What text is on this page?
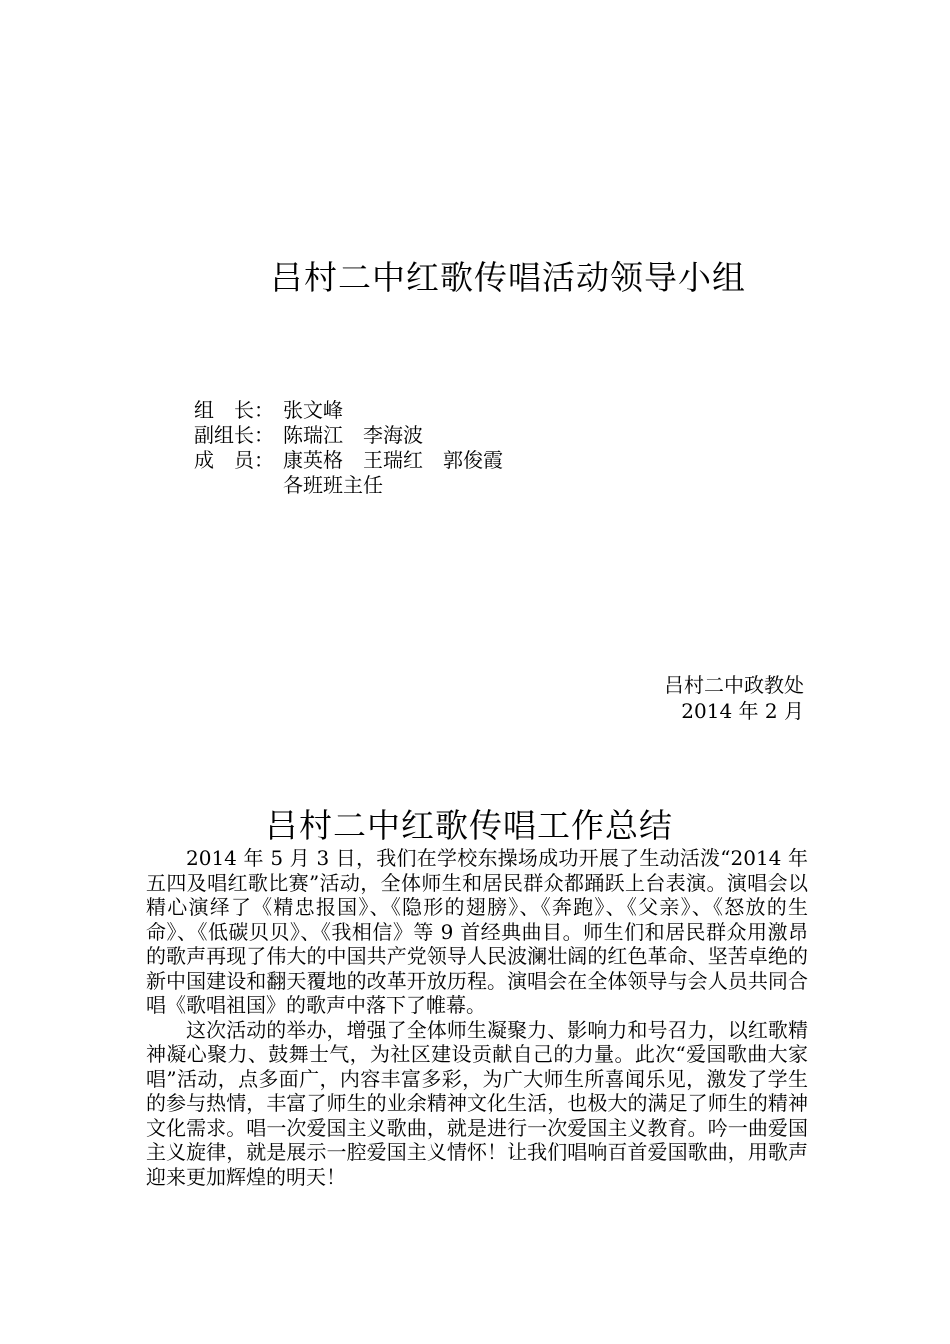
吕村二中红歌传唱活动领导小组
组　长： 张文峰
副组长： 陈瑞江　李海波
成　员： 康英格　王瑞红　郭俊霞
各班班主任
吕村二中政教处
2014 年 2 月
吕村二中红歌传唱工作总结

2014 年 5 月 3 日，我们在学校东操场成功开展了生动活泼“2014 年五四及唱红歌比赛”活动，全体师生和居民群众都踊跃上台表演。演唱会以精心演绎了《精忠报国》、《隐形的翅膀》、《奔跑》、《父亲》、《怒放的生命》、《低碳贝贝》、《我相信》等 9 首经典曲目。师生们和居民群众用激昂的歌声再现了伟大的中国共产党领导人民波澜壮阔的红色革命、坚苦卓绝的新中国建设和翻天覆地的改革开放历程。演唱会在全体领导与会人员共同合唱《歌唱祖国》的歌声中落下了帷幕。

这次活动的举办，增强了全体师生凝聚力、影响力和号召力，以红歌精神凝心聚力、鼓舞士气，为社区建设贡献自己的力量。此次“爱国歌曲大家唱”活动，点多面广，内容丰富多彩，为广大师生所喜闻乐见，激发了学生的参与热情，丰富了师生的业余精神文化生活，也极大的满足了师生的精神文化需求。唱一次爱国主义歌曲，就是进行一次爱国主义教育。吟一曲爱国主义旋律，就是展示一腔爱国主义情怀！让我们唱响百首爱国歌曲，用歌声迎来更加辉煌的明天！
